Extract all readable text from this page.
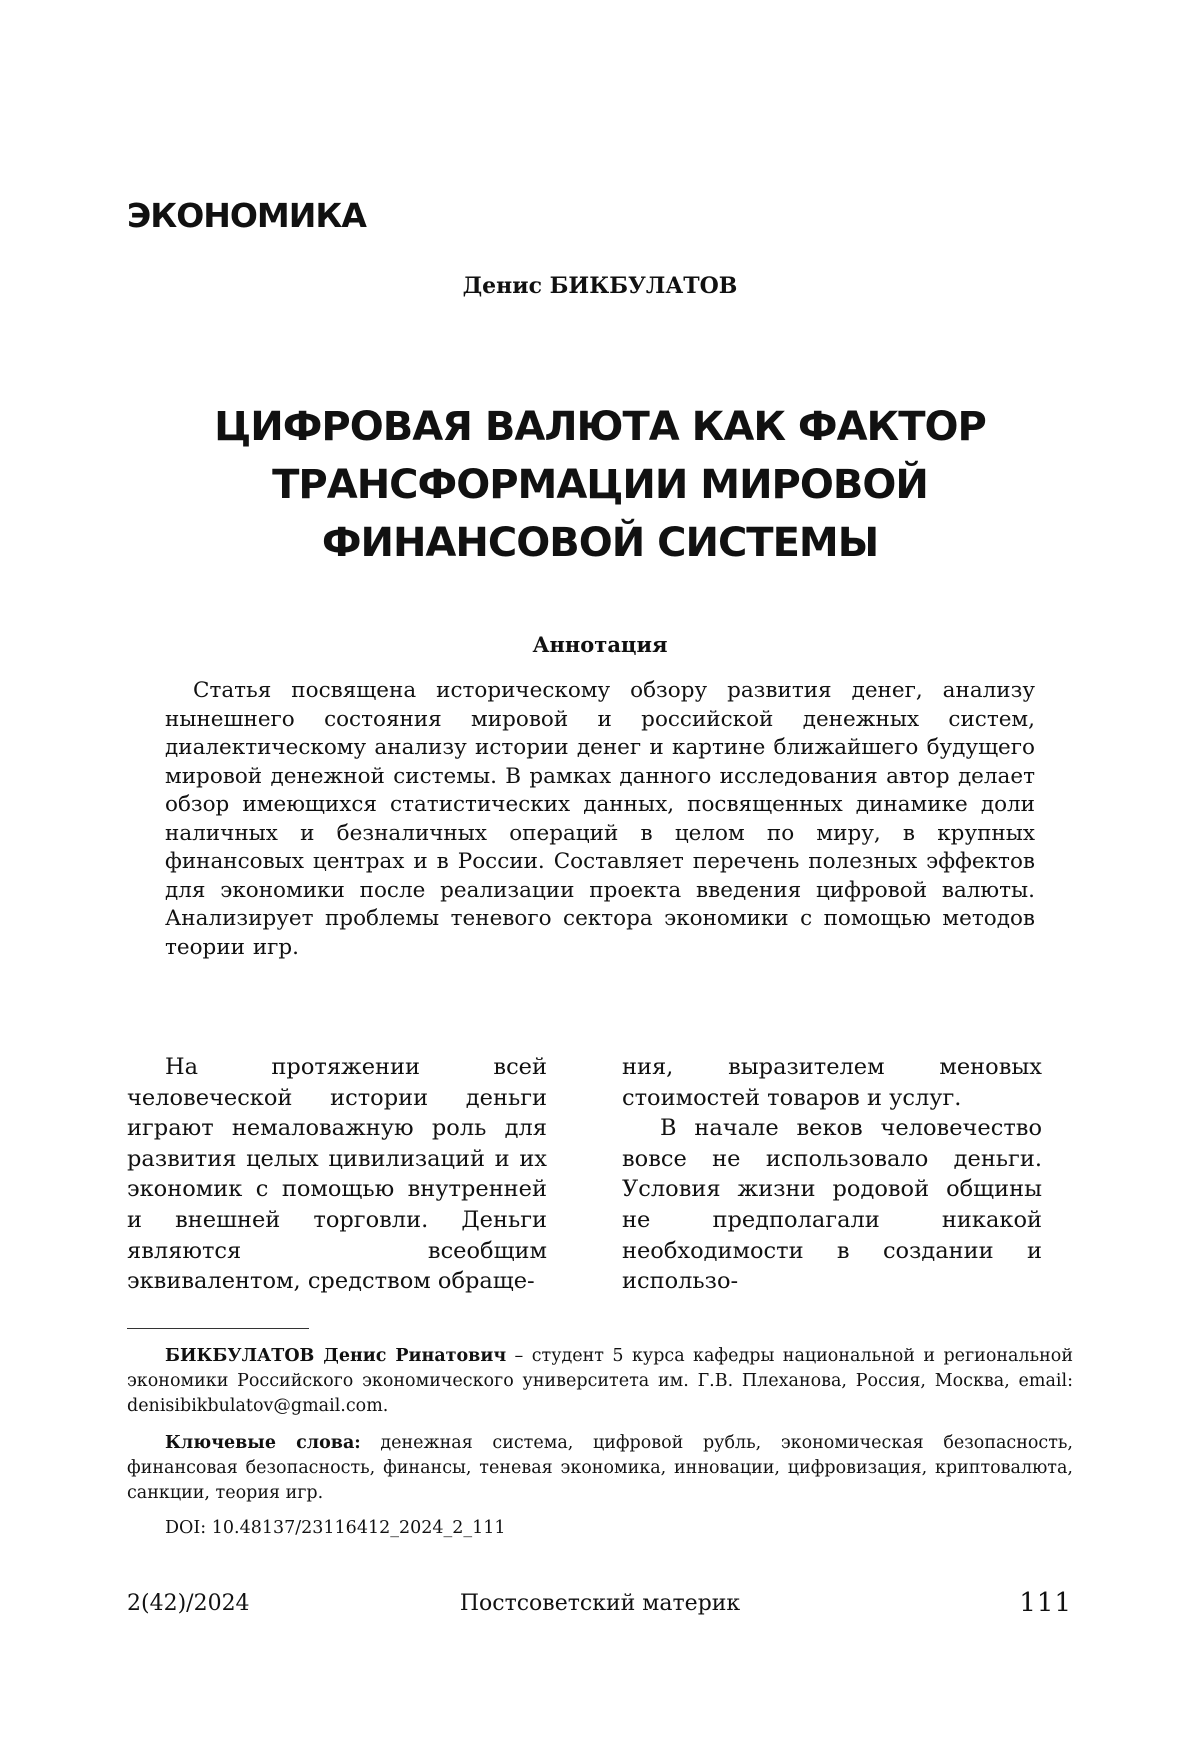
ЭКОНОМИКА

Денис БИКБУЛАТОВ

ЦИФРОВАЯ ВАЛЮТА КАК ФАКТОР ТРАНСФОРМАЦИИ МИРОВОЙ ФИНАНСОВОЙ СИСТЕМЫ
Аннотация

Статья посвящена историческому обзору развития денег, анализу нынешнего состояния мировой и российской денежных систем, диалектическому анализу истории денег и картине ближайшего будущего мировой денежной системы. В рамках данного исследования автор делает обзор имеющихся статистических данных, посвященных динамике доли наличных и безналичных операций в целом по миру, в крупных финансовых центрах и в России. Составляет перечень полезных эффектов для экономики после реализации проекта введения цифровой валюты. Анализирует проблемы теневого сектора экономики с помощью методов теории игр.

На протяжении всей человеческой истории деньги играют немаловажную роль для развития целых цивилизаций и их экономик с помощью внутренней и внешней торговли. Деньги являются всеобщим эквивалентом, средством обраще-

ния, выразителем меновых стоимостей товаров и услуг.

В начале веков человечество вовсе не использовало деньги. Условия жизни родовой общины не предполагали никакой необходимости в создании и использо-

БИКБУЛАТОВ Денис Ринатович – студент 5 курса кафедры национальной и региональной экономики Российского экономического университета им. Г.В. Плеханова, Россия, Москва, email: denisibikbulatov@gmail.com.

Ключевые слова: денежная система, цифровой рубль, экономическая безопасность, финансовая безопасность, финансы, теневая экономика, инновации, цифровизация, криптовалюта, санкции, теория игр.

DOI: 10.48137/23116412_2024_2_111

2(42)/2024	Постсоветский материк	111
